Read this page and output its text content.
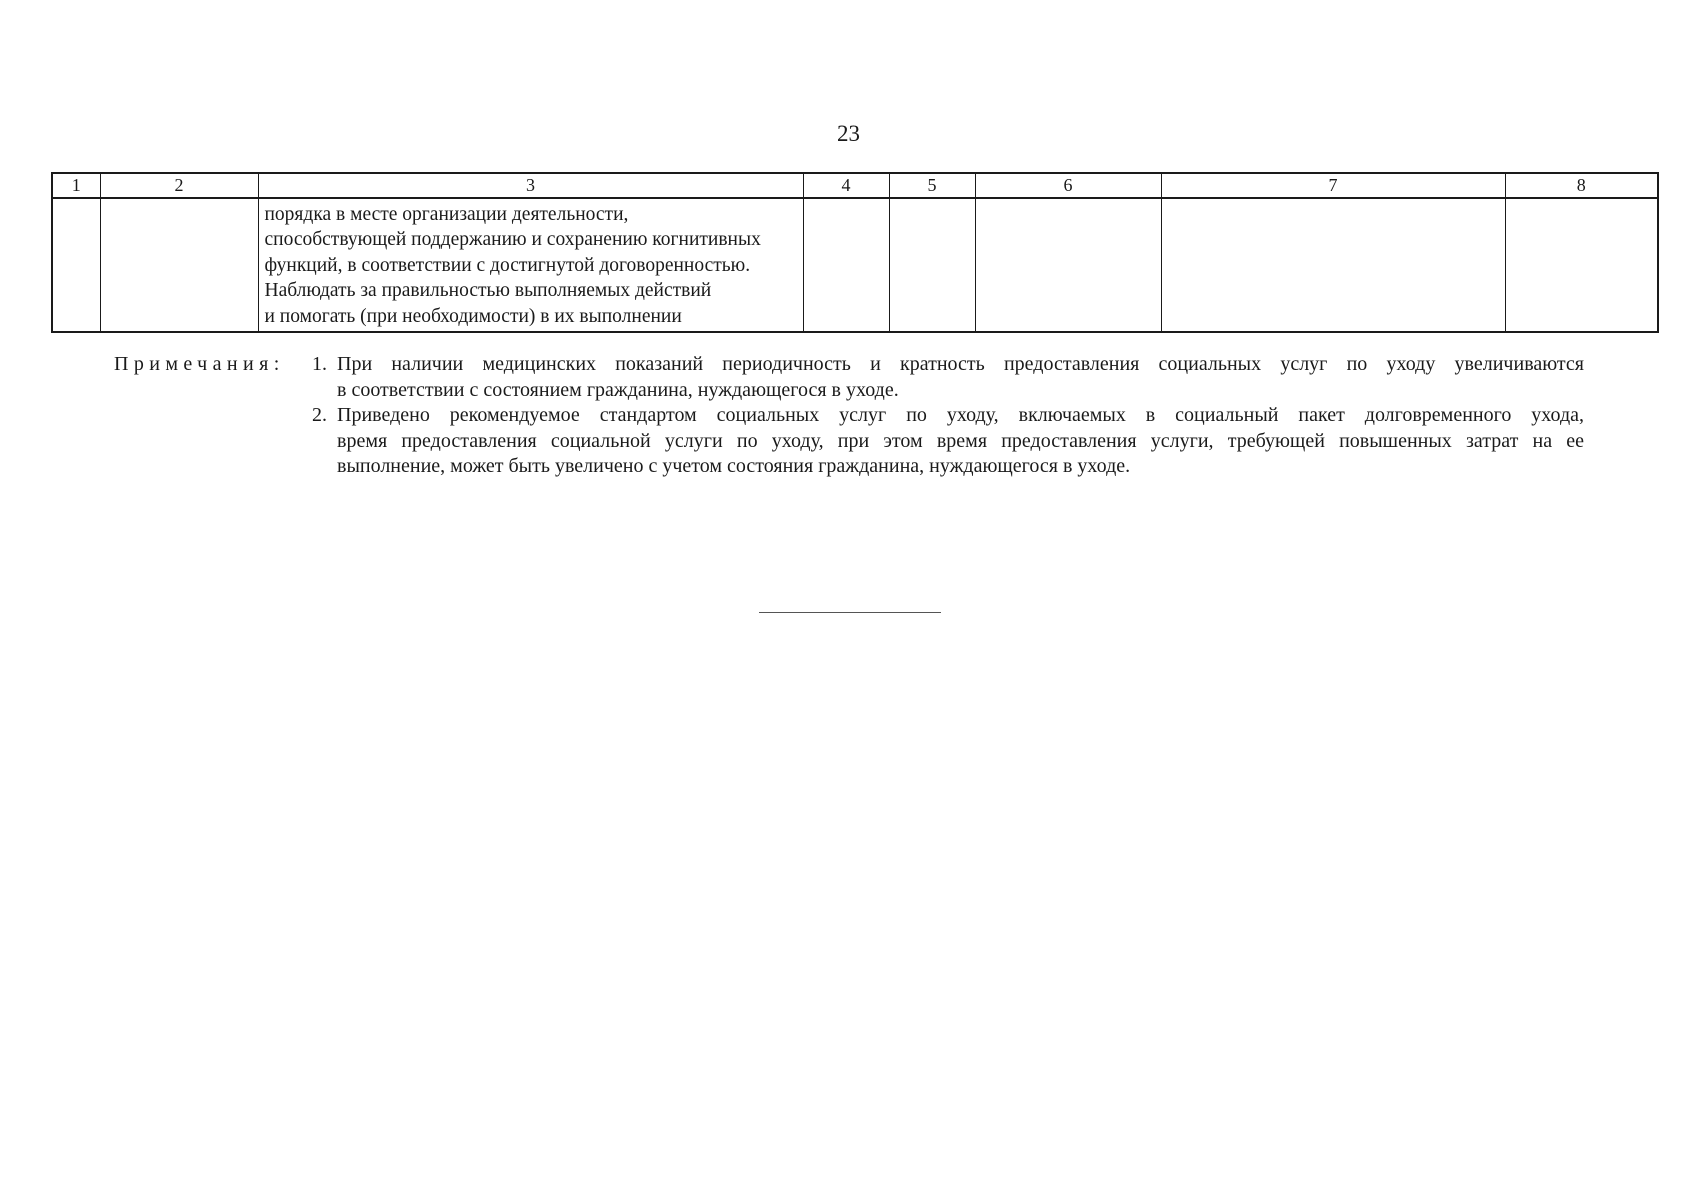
23
1	2	3	4	5	6	7	8

		порядка в месте организации деятельности,
способствующей поддержанию и сохранению когнитивных
функций, в соответствии с достигнутой договоренностью.
Наблюдать за правильностью выполняемых действий
и помогать (при необходимости) в их выполнении					

Примечания: 1. При наличии медицинских показаний периодичность и кратность предоставления социальных услуг по уходу увеличиваются
в соответствии с состоянием гражданина, нуждающегося в уходе.
2. Приведено рекомендуемое стандартом социальных услуг по уходу, включаемых в социальный пакет долговременного ухода,
время предоставления социальной услуги по уходу, при этом время предоставления услуги, требующей повышенных затрат на ее
выполнение, может быть увеличено с учетом состояния гражданина, нуждающегося в уходе.
